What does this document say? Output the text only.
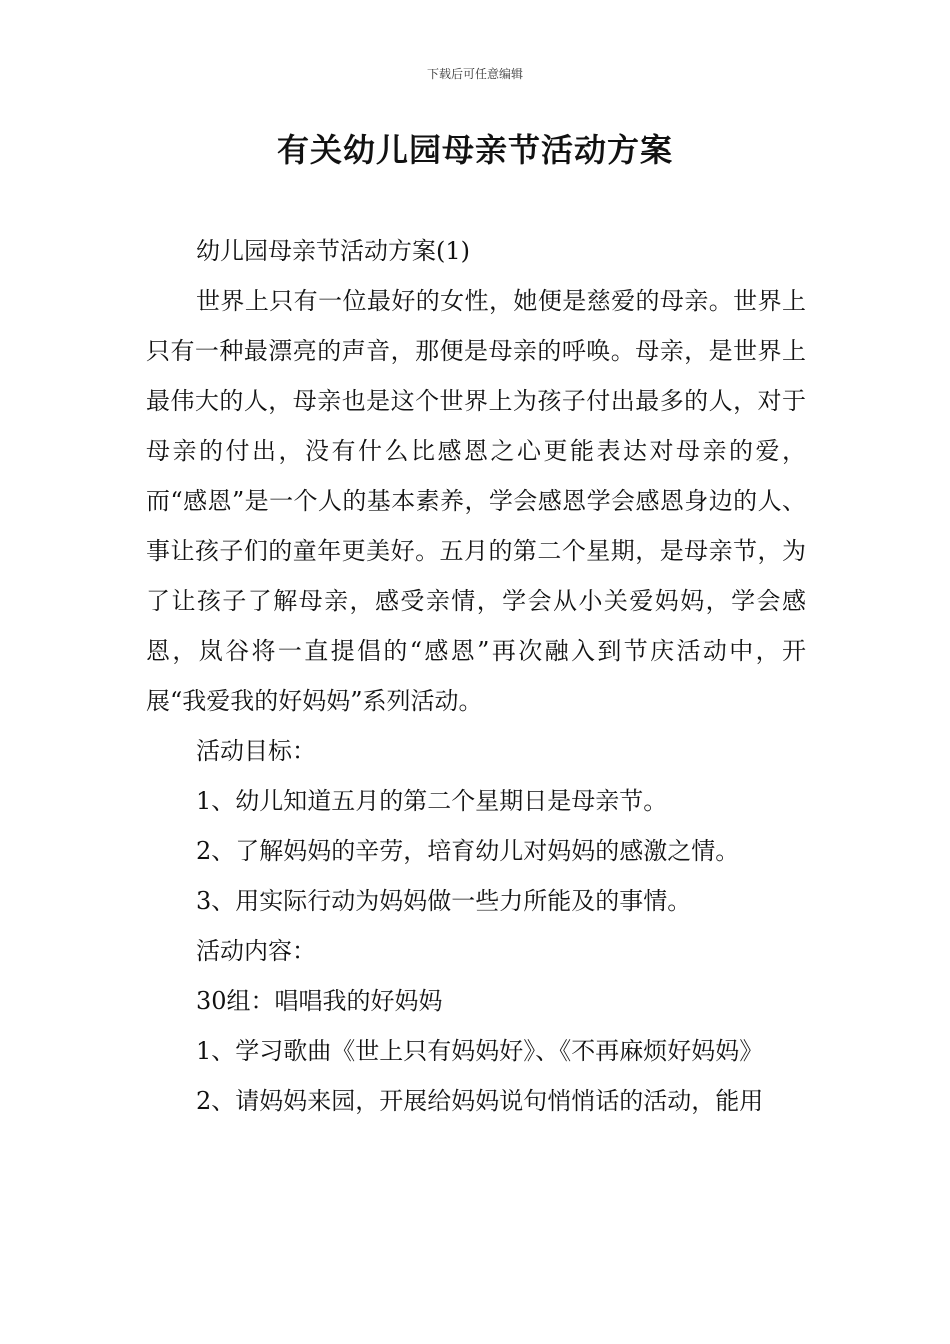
下载后可任意编辑
有关幼儿园母亲节活动方案

幼儿园母亲节活动方案(1)

世界上只有一位最好的女性，她便是慈爱的母亲。世界上只有一种最漂亮的声音，那便是母亲的呼唤。母亲，是世界上最伟大的人，母亲也是这个世界上为孩子付出最多的人，对于母亲的付出，没有什么比感恩之心更能表达对母亲的爱，而“感恩”是一个人的基本素养，学会感恩学会感恩身边的人、事让孩子们的童年更美好。五月的第二个星期，是母亲节，为了让孩子了解母亲，感受亲情，学会从小关爱妈妈，学会感恩，岚谷将一直提倡的“感恩”再次融入到节庆活动中，开展“我爱我的好妈妈”系列活动。

活动目标：

1、幼儿知道五月的第二个星期日是母亲节。

2、了解妈妈的辛劳，培育幼儿对妈妈的感激之情。

3、用实际行动为妈妈做一些力所能及的事情。

活动内容：

30组：唱唱我的好妈妈

1、学习歌曲《世上只有妈妈好》、《不再麻烦好妈妈》

2、请妈妈来园，开展给妈妈说句悄悄话的活动，能用
